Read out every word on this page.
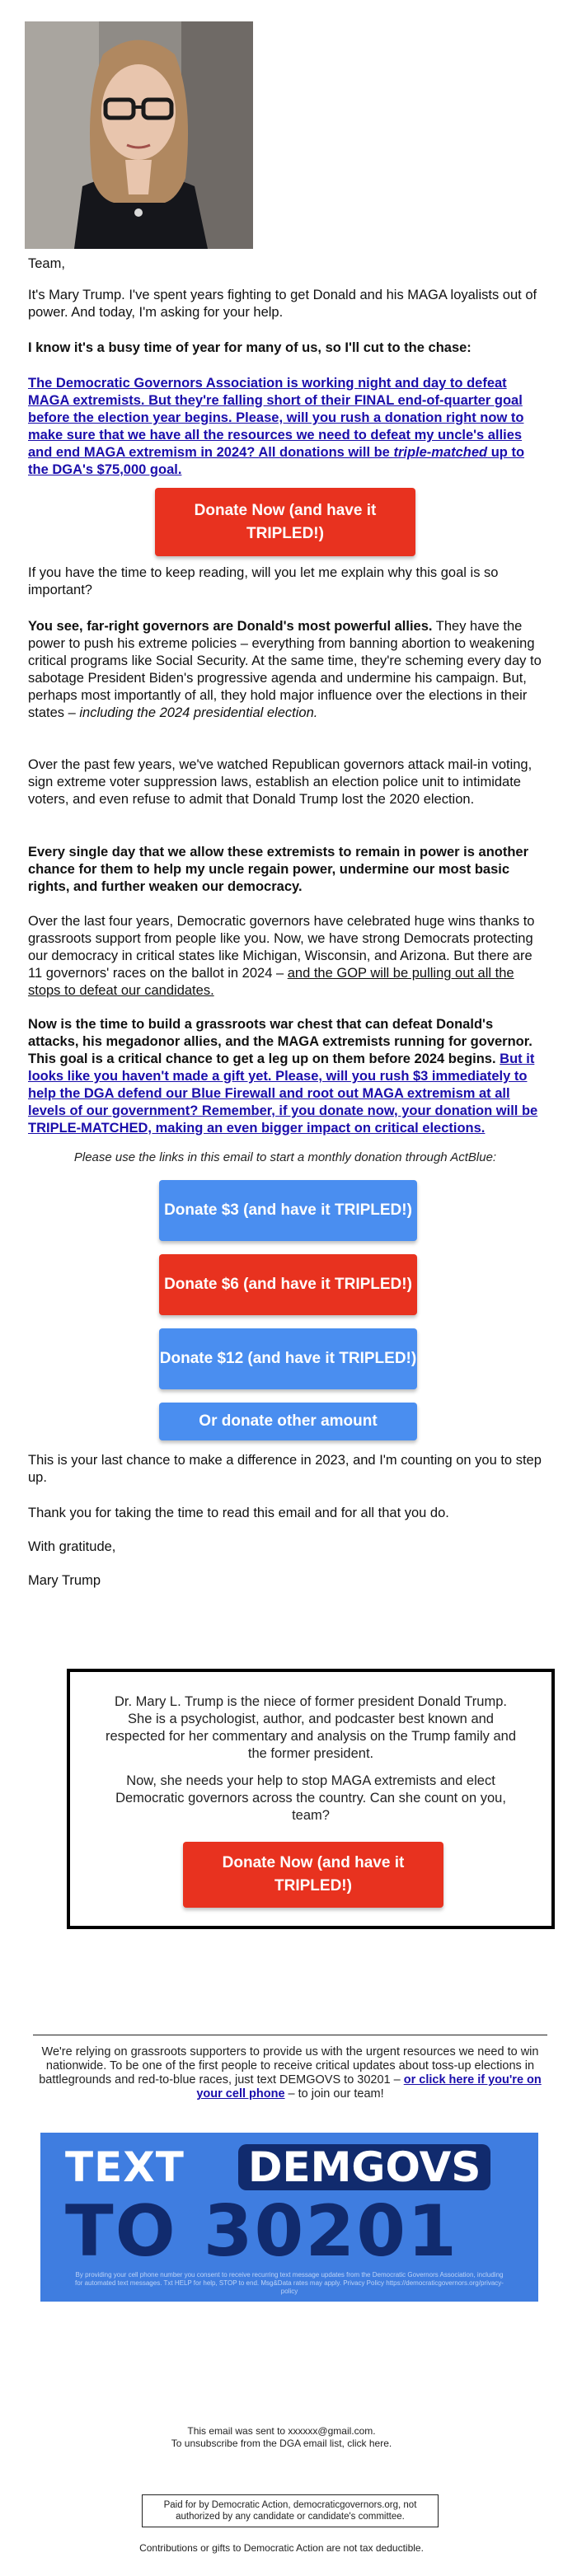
Team,

It's Mary Trump. I've spent years fighting to get Donald and his MAGA loyalists out of power. And today, I'm asking for your help.

I know it's a busy time of year for many of us, so I'll cut to the chase:

The Democratic Governors Association is working night and day to defeat MAGA extremists. But they're falling short of their FINAL end-of-quarter goal before the election year begins. Please, will you rush a donation right now to make sure that we have all the resources we need to defeat my uncle's allies and end MAGA extremism in 2024? All donations will be triple-matched up to the DGA's $75,000 goal.

Donate Now (and have it TRIPLED!)

If you have the time to keep reading, will you let me explain why this goal is so important?

You see, far-right governors are Donald's most powerful allies. They have the power to push his extreme policies – everything from banning abortion to weakening critical programs like Social Security. At the same time, they're scheming every day to sabotage President Biden's progressive agenda and undermine his campaign. But, perhaps most importantly of all, they hold major influence over the elections in their states – including the 2024 presidential election.

Over the past few years, we've watched Republican governors attack mail-in voting, sign extreme voter suppression laws, establish an election police unit to intimidate voters, and even refuse to admit that Donald Trump lost the 2020 election.

Every single day that we allow these extremists to remain in power is another chance for them to help my uncle regain power, undermine our most basic rights, and further weaken our democracy.

Over the last four years, Democratic governors have celebrated huge wins thanks to grassroots support from people like you. Now, we have strong Democrats protecting our democracy in critical states like Michigan, Wisconsin, and Arizona. But there are 11 governors' races on the ballot in 2024 – and the GOP will be pulling out all the stops to defeat our candidates.

Now is the time to build a grassroots war chest that can defeat Donald's attacks, his megadonor allies, and the MAGA extremists running for governor. This goal is a critical chance to get a leg up on them before 2024 begins. But it looks like you haven't made a gift yet. Please, will you rush $3 immediately to help the DGA defend our Blue Firewall and root out MAGA extremism at all levels of our government? Remember, if you donate now, your donation will be TRIPLE-MATCHED, making an even bigger impact on critical elections.

Please use the links in this email to start a monthly donation through ActBlue:
Donate $3 (and have it TRIPLED!)
Donate $6 (and have it TRIPLED!)
Donate $12 (and have it TRIPLED!)
Or donate other amount

This is your last chance to make a difference in 2023, and I'm counting on you to step up.

Thank you for taking the time to read this email and for all that you do.

With gratitude,

Mary Trump

Dr. Mary L. Trump is the niece of former president Donald Trump. She is a psychologist, author, and podcaster best known and respected for her commentary and analysis on the Trump family and the former president.

Now, she needs your help to stop MAGA extremists and elect Democratic governors across the country. Can she count on you, team?

Donate Now (and have it TRIPLED!)
We're relying on grassroots supporters to provide us with the urgent resources we need to win nationwide. To be one of the first people to receive critical updates about toss-up elections in battlegrounds and red-to-blue races, just text DEMGOVS to 30201 – or click here if you're on your cell phone – to join our team!
TEXT DEMGOVS
TO 30201
By providing your cell phone number you consent to receive recurring text message updates from the Democratic Governors Association, including for automated text messages. Txt HELP for help, STOP to end. Msg&Data rates may apply. Privacy Policy https://democraticgovernors.org/privacy-policy
This email was sent to xxxxxx@gmail.com.
To unsubscribe from the DGA email list, click here.
Paid for by Democratic Action, democraticgovernors.org, not authorized by any candidate or candidate's committee.
Contributions or gifts to Democratic Action are not tax deductible.
